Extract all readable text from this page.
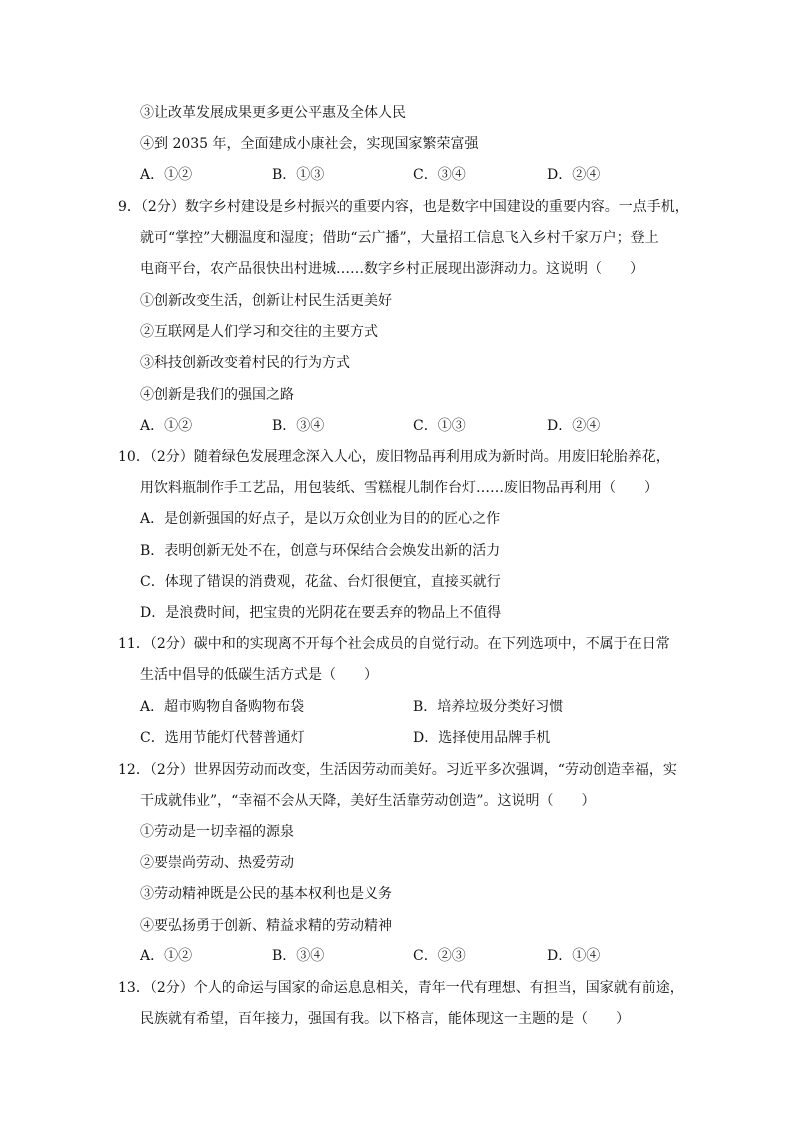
③让改革发展成果更多更公平惠及全体人民
④到 2035 年，全面建成小康社会，实现国家繁荣富强
A．①②	B．①③	C．③④	D．②④
9．（2分）数字乡村建设是乡村振兴的重要内容，也是数字中国建设的重要内容。一点手机，
就可“掌控”大棚温度和湿度；借助“云广播”，大量招工信息飞入乡村千家万户；登上
电商平台，农产品很快出村进城……数字乡村正展现出澎湃动力。这说明（　　）
①创新改变生活，创新让村民生活更美好
②互联网是人们学习和交往的主要方式
③科技创新改变着村民的行为方式
④创新是我们的强国之路
A．①②	B．③④	C．①③	D．②④
10．（2分）随着绿色发展理念深入人心，废旧物品再利用成为新时尚。用废旧轮胎养花，
用饮料瓶制作手工艺品，用包装纸、雪糕棍儿制作台灯……废旧物品再利用（　　）
A．是创新强国的好点子，是以万众创业为目的的匠心之作
B．表明创新无处不在，创意与环保结合会焕发出新的活力
C．体现了错误的消费观，花盆、台灯很便宜，直接买就行
D．是浪费时间，把宝贵的光阴花在要丢弃的物品上不值得
11．（2分）碳中和的实现离不开每个社会成员的自觉行动。在下列选项中，不属于在日常
生活中倡导的低碳生活方式是（　　）
A．超市购物自备购物布袋	B．培养垃圾分类好习惯
C．选用节能灯代替普通灯	D．选择使用品牌手机
12．（2分）世界因劳动而改变，生活因劳动而美好。习近平多次强调，“劳动创造幸福，实
干成就伟业”，“幸福不会从天降，美好生活靠劳动创造”。这说明（　　）
①劳动是一切幸福的源泉
②要崇尚劳动、热爱劳动
③劳动精神既是公民的基本权利也是义务
④要弘扬勇于创新、精益求精的劳动精神
A．①②	B．③④	C．②③	D．①④
13．（2分）个人的命运与国家的命运息息相关，青年一代有理想、有担当，国家就有前途，
民族就有希望，百年接力，强国有我。以下格言，能体现这一主题的是（　　）
